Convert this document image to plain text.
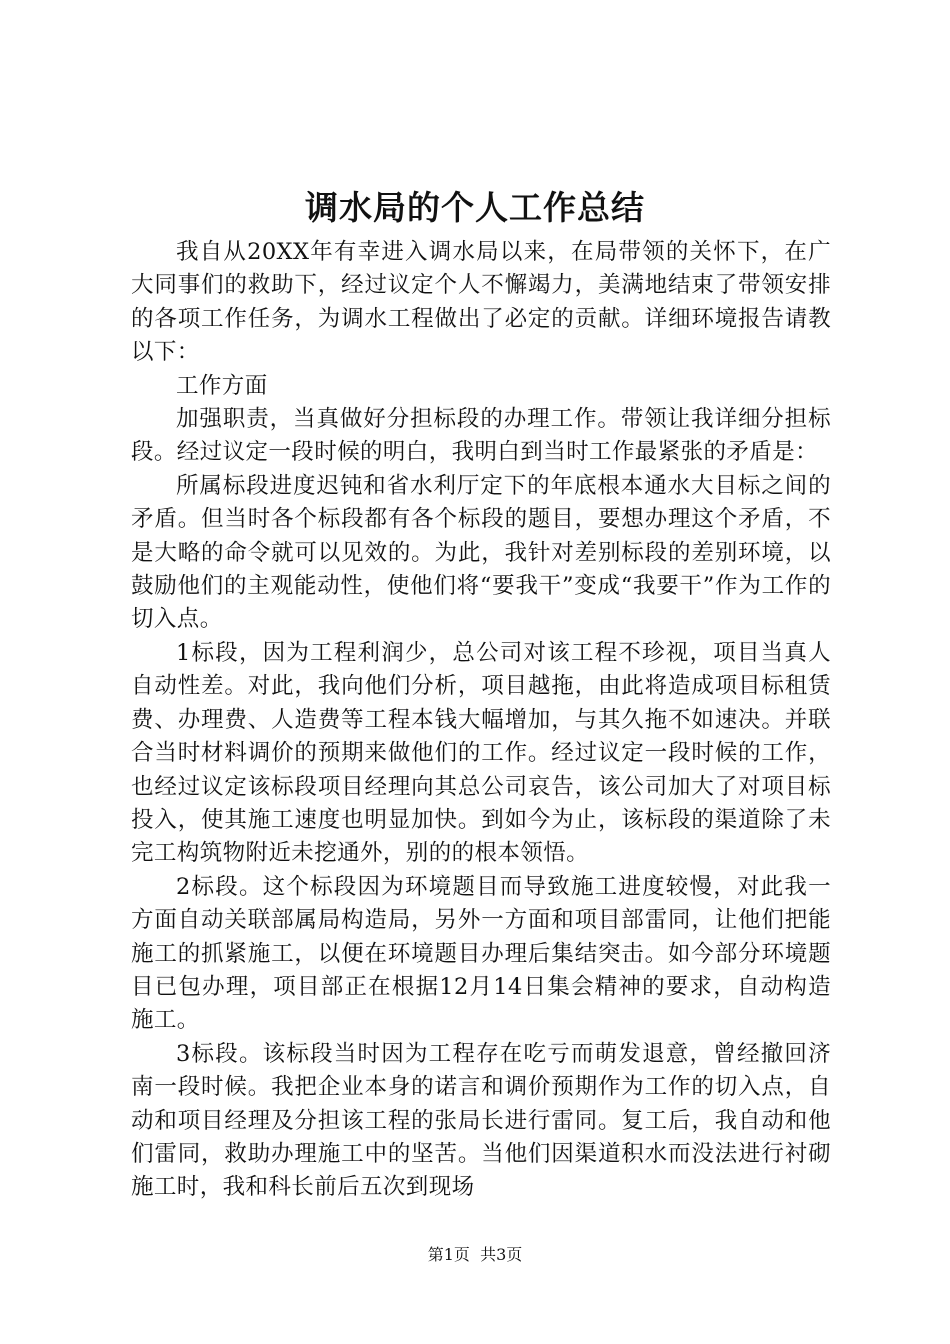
调水局的个人工作总结

我自从20XX年有幸进入调水局以来，在局带领的关怀下，在广大同事们的救助下，经过议定个人不懈竭力，美满地结束了带领安排的各项工作任务，为调水工程做出了必定的贡献。详细环境报告请教以下：

工作方面

加强职责，当真做好分担标段的办理工作。带领让我详细分担标段。经过议定一段时候的明白，我明白到当时工作最紧张的矛盾是：

所属标段进度迟钝和省水利厅定下的年底根本通水大目标之间的矛盾。但当时各个标段都有各个标段的题目，要想办理这个矛盾，不是大略的命令就可以见效的。为此，我针对差别标段的差别环境，以鼓励他们的主观能动性，使他们将“要我干”变成“我要干”作为工作的切入点。

1标段，因为工程利润少，总公司对该工程不珍视，项目当真人自动性差。对此，我向他们分析，项目越拖，由此将造成项目标租赁费、办理费、人造费等工程本钱大幅增加，与其久拖不如速决。并联合当时材料调价的预期来做他们的工作。经过议定一段时候的工作，也经过议定该标段项目经理向其总公司哀告，该公司加大了对项目标投入，使其施工速度也明显加快。到如今为止，该标段的渠道除了未完工构筑物附近未挖通外，别的的根本领悟。

2标段。这个标段因为环境题目而导致施工进度较慢，对此我一方面自动关联部属局构造局，另外一方面和项目部雷同，让他们把能施工的抓紧施工，以便在环境题目办理后集结突击。如今部分环境题目已包办理，项目部正在根据12月14日集会精神的要求，自动构造施工。

3标段。该标段当时因为工程存在吃亏而萌发退意，曾经撤回济南一段时候。我把企业本身的诺言和调价预期作为工作的切入点，自动和项目经理及分担该工程的张局长进行雷同。复工后，我自动和他们雷同，救助办理施工中的坚苦。当他们因渠道积水而没法进行衬砌施工时，我和科长前后五次到现场

第1页 共3页
